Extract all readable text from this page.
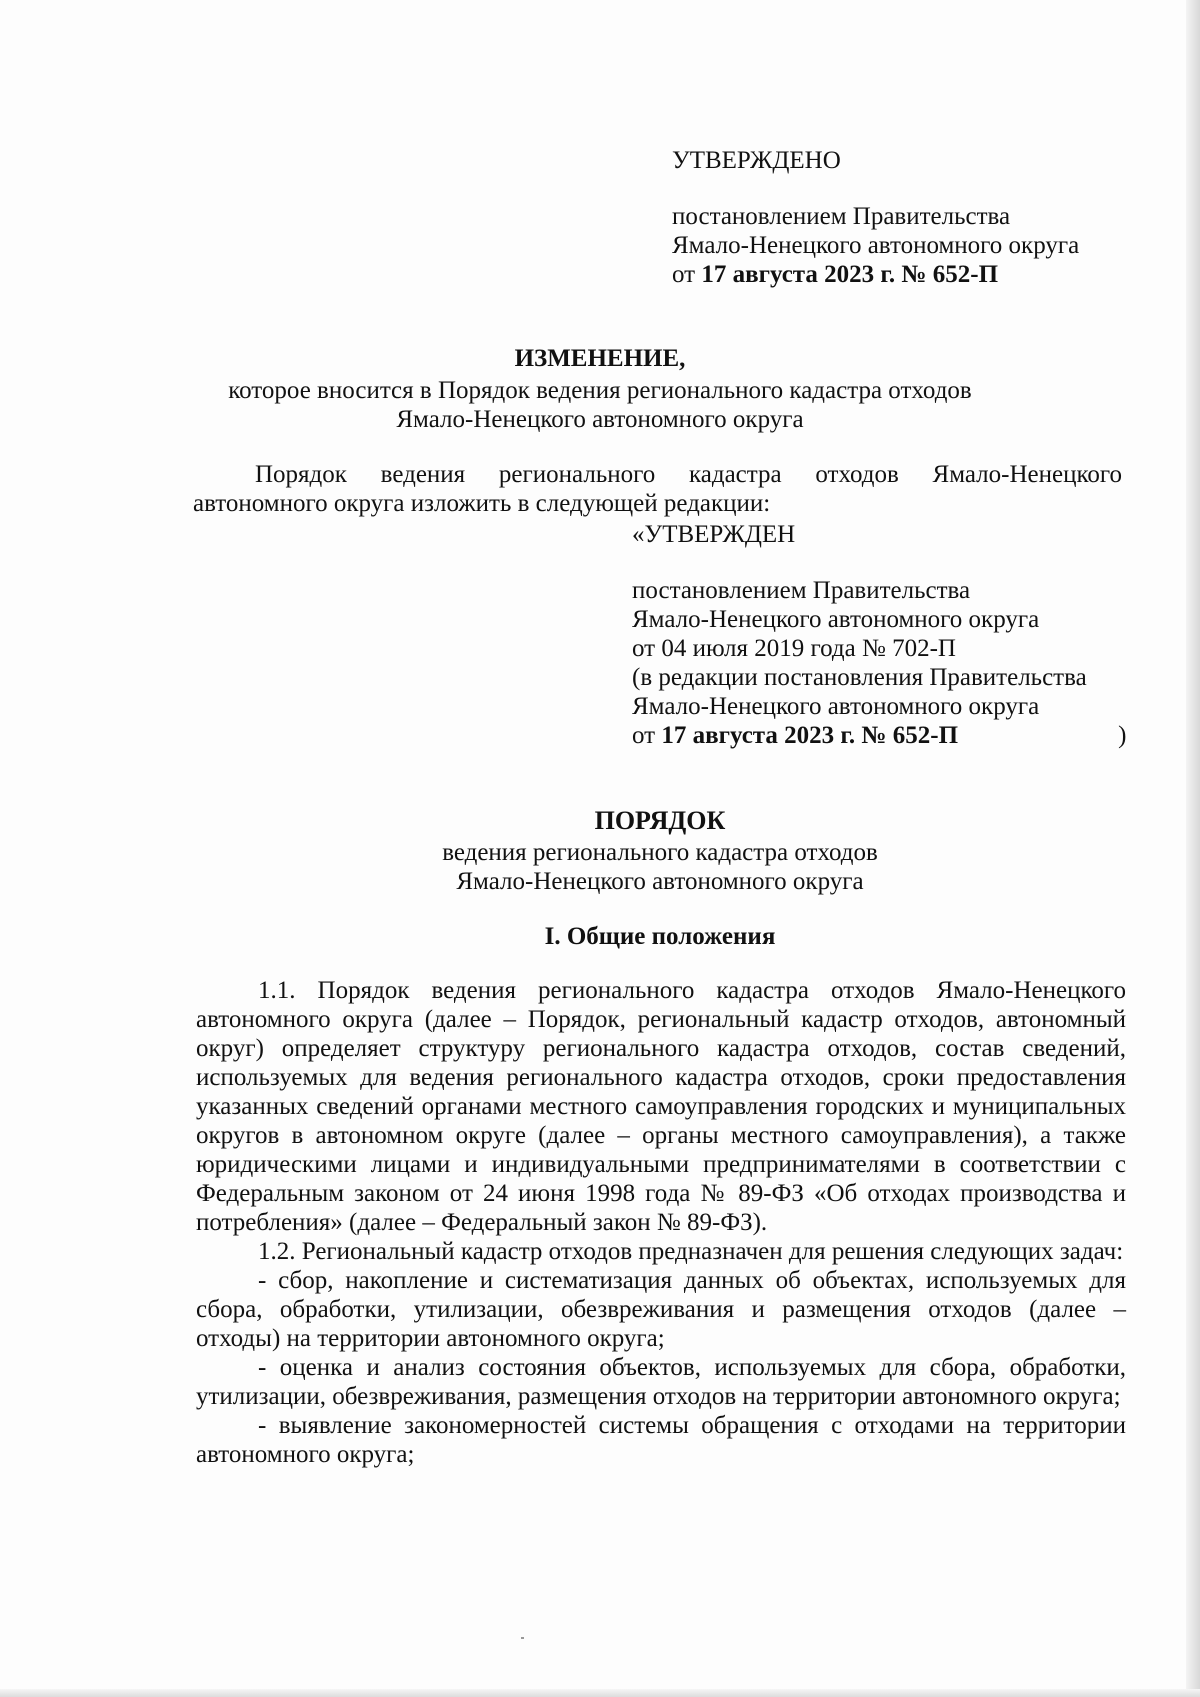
УТВЕРЖДЕНО
постановлением Правительства
Ямало-Ненецкого автономного округа
от 17 августа 2023 г. № 652-П
ИЗМЕНЕНИЕ,
которое вносится в Порядок ведения регионального кадастра отходов
Ямало-Ненецкого автономного округа

Порядок ведения регионального кадастра отходов Ямало-Ненецкого автономного округа изложить в следующей редакции:

«УТВЕРЖДЕН
постановлением Правительства
Ямало-Ненецкого автономного округа
от 04 июля 2019 года № 702-П
(в редакции постановления Правительства
Ямало-Ненецкого автономного округа
от 17 августа 2023 г. № 652-П	)
ПОРЯДОК
ведения регионального кадастра отходов
Ямало-Ненецкого автономного округа
I. Общие положения

1.1. Порядок ведения регионального кадастра отходов Ямало-Ненецкого автономного округа (далее – Порядок, региональный кадастр отходов, автономный округ) определяет структуру регионального кадастра отходов, состав сведений, используемых для ведения регионального кадастра отходов, сроки предоставления указанных сведений органами местного самоуправления городских и муниципальных округов в автономном округе (далее – органы местного самоуправления), а также юридическими лицами и индивидуальными предпринимателями в соответствии с Федеральным законом от 24 июня 1998 года № 89-ФЗ «Об отходах производства и потребления» (далее – Федеральный закон № 89-ФЗ).

1.2. Региональный кадастр отходов предназначен для решения следующих задач:

- сбор, накопление и систематизация данных об объектах, используемых для сбора, обработки, утилизации, обезвреживания и размещения отходов (далее – отходы) на территории автономного округа;

- оценка и анализ состояния объектов, используемых для сбора, обработки, утилизации, обезвреживания, размещения отходов на территории автономного округа;

- выявление закономерностей системы обращения с отходами на территории автономного округа;
